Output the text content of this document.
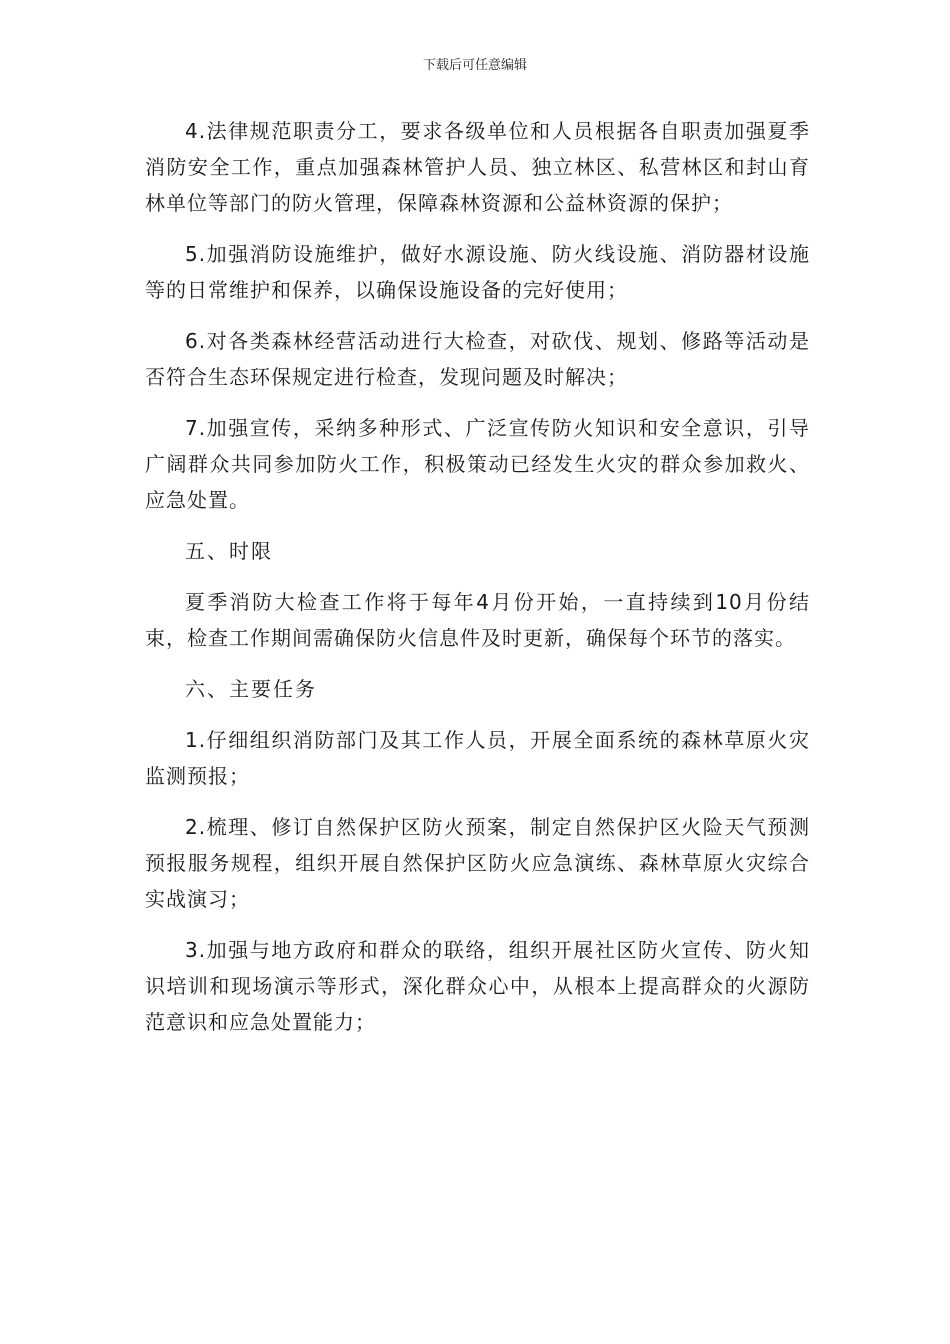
下载后可任意编辑

4.法律规范职责分工，要求各级单位和人员根据各自职责加强夏季消防安全工作，重点加强森林管护人员、独立林区、私营林区和封山育林单位等部门的防火管理，保障森林资源和公益林资源的保护；

5.加强消防设施维护，做好水源设施、防火线设施、消防器材设施等的日常维护和保养，以确保设施设备的完好使用；

6.对各类森林经营活动进行大检查，对砍伐、规划、修路等活动是否符合生态环保规定进行检查，发现问题及时解决；

7.加强宣传，采纳多种形式、广泛宣传防火知识和安全意识，引导广阔群众共同参加防火工作，积极策动已经发生火灾的群众参加救火、应急处置。

五、时限

夏季消防大检查工作将于每年4月份开始，一直持续到10月份结束，检查工作期间需确保防火信息件及时更新，确保每个环节的落实。

六、主要任务

1.仔细组织消防部门及其工作人员，开展全面系统的森林草原火灾监测预报；

2.梳理、修订自然保护区防火预案，制定自然保护区火险天气预测预报服务规程，组织开展自然保护区防火应急演练、森林草原火灾综合实战演习；

3.加强与地方政府和群众的联络，组织开展社区防火宣传、防火知识培训和现场演示等形式，深化群众心中，从根本上提高群众的火源防范意识和应急处置能力；
